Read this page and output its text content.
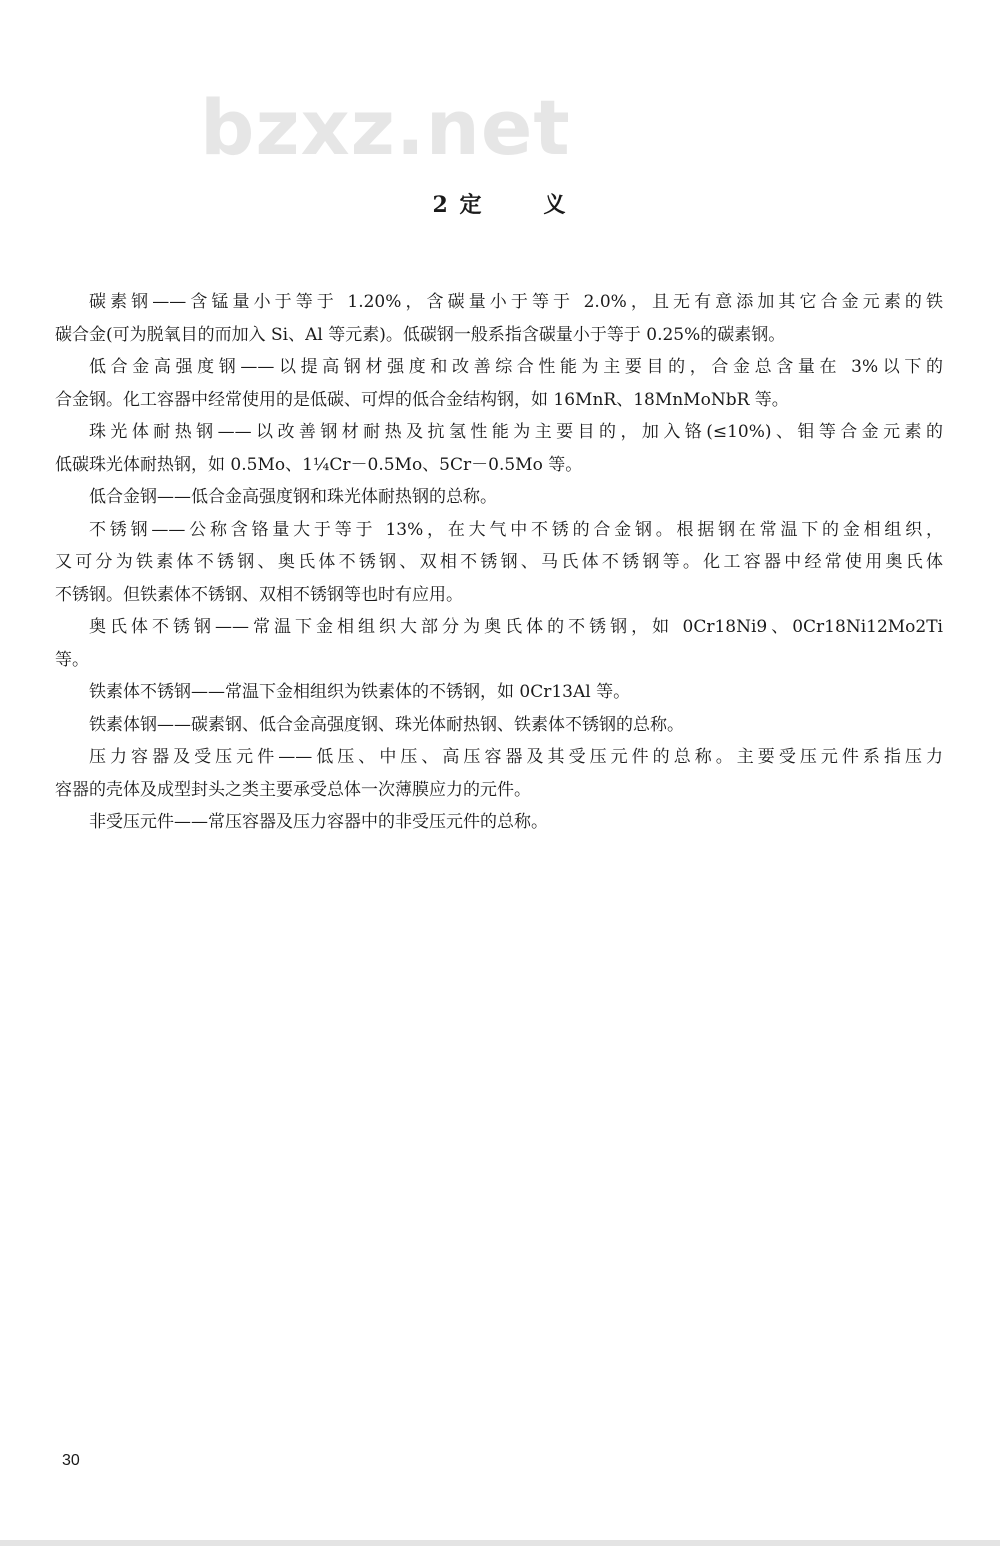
bzxz.net
2 定	义
碳素钢——含锰量小于等于 1.20%，含碳量小于等于 2.0%，且无有意添加其它合金元素的铁
碳合金(可为脱氧目的而加入 Si、Al 等元素)。低碳钢一般系指含碳量小于等于 0.25%的碳素钢。
低合金高强度钢——以提高钢材强度和改善综合性能为主要目的，合金总含量在 3%以下的
合金钢。化工容器中经常使用的是低碳、可焊的低合金结构钢，如 16MnR、18MnMoNbR 等。
珠光体耐热钢——以改善钢材耐热及抗氢性能为主要目的，加入铬(≤10%)、钼等合金元素的
低碳珠光体耐热钢，如 0.5Mo、1¼Cr－0.5Mo、5Cr－0.5Mo 等。
低合金钢——低合金高强度钢和珠光体耐热钢的总称。
不锈钢——公称含铬量大于等于 13%，在大气中不锈的合金钢。根据钢在常温下的金相组织，
又可分为铁素体不锈钢、奥氏体不锈钢、双相不锈钢、马氏体不锈钢等。化工容器中经常使用奥氏体
不锈钢。但铁素体不锈钢、双相不锈钢等也时有应用。
奥氏体不锈钢——常温下金相组织大部分为奥氏体的不锈钢，如 0Cr18Ni9、0Cr18Ni12Mo2Ti
等。
铁素体不锈钢——常温下金相组织为铁素体的不锈钢，如 0Cr13Al 等。
铁素体钢——碳素钢、低合金高强度钢、珠光体耐热钢、铁素体不锈钢的总称。
压力容器及受压元件——低压、中压、高压容器及其受压元件的总称。主要受压元件系指压力
容器的壳体及成型封头之类主要承受总体一次薄膜应力的元件。
非受压元件——常压容器及压力容器中的非受压元件的总称。
30
